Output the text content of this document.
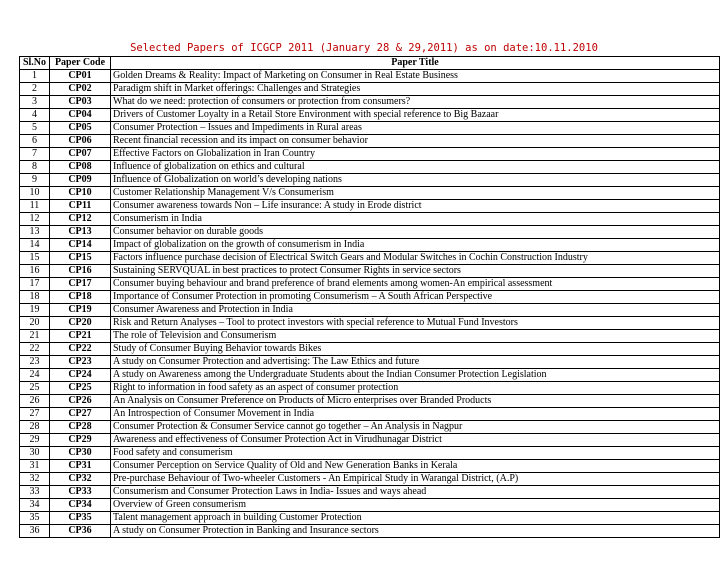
Selected Papers of ICGCP 2011 (January 28 & 29,2011) as on date:10.11.2010
Sl.No	Paper Code	Paper Title
1	CP01	Golden Dreams & Reality: Impact of Marketing on Consumer in Real Estate Business
2	CP02	Paradigm shift in Market offerings: Challenges and Strategies
3	CP03	What do we need: protection of consumers or protection from consumers?
4	CP04	Drivers of Customer Loyalty in a Retail Store Environment with special reference to Big Bazaar
5	CP05	Consumer Protection – Issues and Impediments in Rural areas
6	CP06	Recent financial recession and its impact on consumer behavior
7	CP07	Effective Factors on Globalization in Iran Country
8	CP08	Influence of globalization on ethics and cultural
9	CP09	Influence of Globalization on world’s developing nations
10	CP10	Customer Relationship Management V/s Consumerism
11	CP11	Consumer awareness towards Non – Life insurance: A study in Erode district
12	CP12	Consumerism in India
13	CP13	Consumer behavior on durable goods
14	CP14	Impact of globalization on the growth of consumerism in India
15	CP15	Factors influence purchase decision of Electrical Switch Gears and Modular Switches in Cochin Construction Industry
16	CP16	Sustaining SERVQUAL in best practices to protect Consumer Rights in service sectors
17	CP17	Consumer buying behaviour and brand preference of brand elements among women-An empirical assessment
18	CP18	Importance of Consumer Protection in promoting Consumerism – A South African Perspective
19	CP19	Consumer Awareness and Protection in India
20	CP20	Risk and Return Analyses – Tool to protect investors with special reference to Mutual Fund Investors
21	CP21	The role of Television and Consumerism
22	CP22	Study of Consumer Buying Behavior towards Bikes
23	CP23	A study on Consumer Protection and advertising: The Law Ethics and future
24	CP24	A study on Awareness among the Undergraduate Students about the Indian Consumer Protection Legislation
25	CP25	Right to information in food safety as an aspect of consumer protection
26	CP26	An Analysis on Consumer Preference on Products of Micro enterprises over Branded Products
27	CP27	An Introspection of Consumer Movement in India
28	CP28	Consumer Protection & Consumer Service cannot go together – An Analysis in Nagpur
29	CP29	Awareness and effectiveness of Consumer Protection Act in Virudhunagar District
30	CP30	Food safety and consumerism
31	CP31	Consumer Perception on Service Quality of Old and New Generation Banks in Kerala
32	CP32	Pre-purchase Behaviour of Two-wheeler Customers - An Empirical Study in Warangal District, (A.P)
33	CP33	Consumerism and Consumer Protection Laws in India- Issues and ways ahead
34	CP34	Overview of Green consumerism
35	CP35	Talent management approach in building Customer Protection
36	CP36	A study on Consumer Protection in Banking and Insurance sectors
